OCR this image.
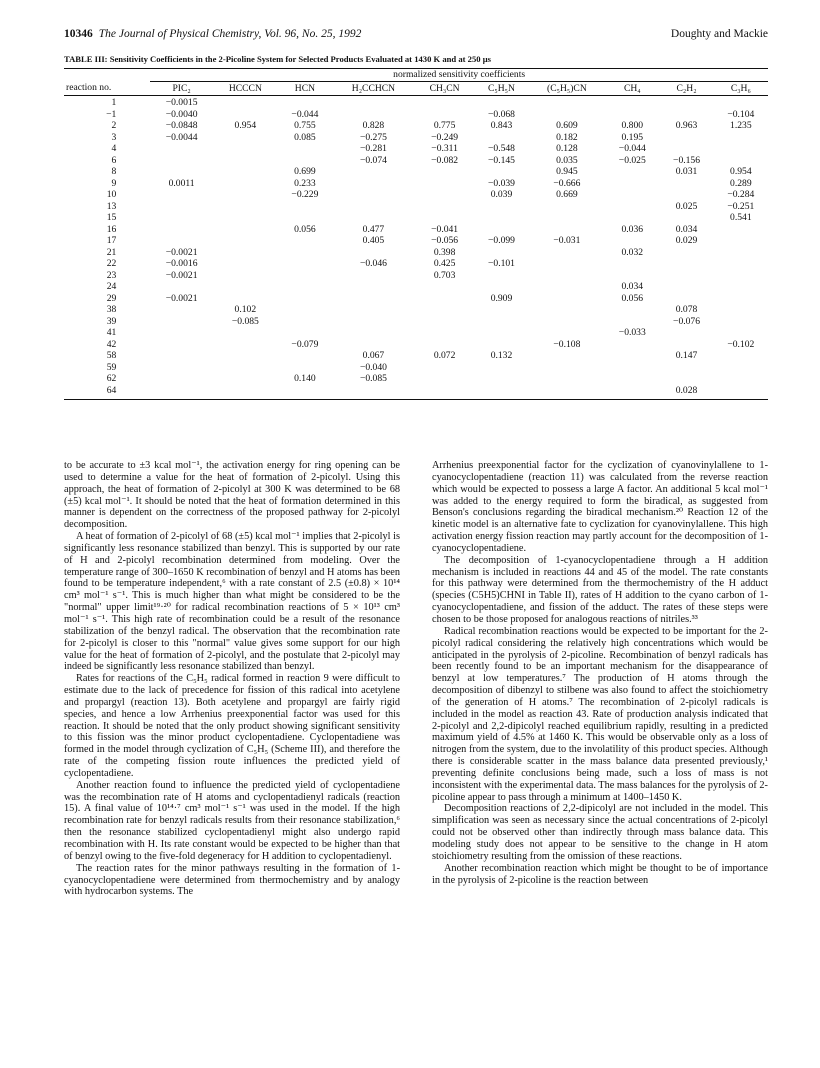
10346 The Journal of Physical Chemistry, Vol. 96, No. 25, 1992	Doughty and Mackie
TABLE III: Sensitivity Coefficients in the 2-Picoline System for Selected Products Evaluated at 1430 K and at 250 μs
	normalized sensitivity coefficients									
reaction no.	PIC₂	HCCCN	HCN	H₂CCHCN	CH₃CN	C₅H₅N	(C₅H₅)CN	CH₄	C₂H₂	C₃H₆
1	−0.0015									
−1	−0.0040		−0.044			−0.068				−0.104
2	−0.0848	0.954	0.755	0.828	0.775	0.843	0.609	0.800	0.963	1.235
3	−0.0044		0.085	−0.275	−0.249		0.182	0.195		
4				−0.281	−0.311	−0.548	0.128	−0.044		
6				−0.074	−0.082	−0.145	0.035	−0.025	−0.156	
8			0.699				0.945		0.031	0.954
9	0.0011		0.233			−0.039	−0.666			0.289
10			−0.229			0.039	0.669			−0.284
13									0.025	−0.251
15										0.541
16			0.056	0.477	−0.041			0.036	0.034	
17				0.405	−0.056	−0.099	−0.031		0.029	
21	−0.0021				0.398			0.032		
22	−0.0016			−0.046	0.425	−0.101				
23	−0.0021				0.703					
24								0.034		
29	−0.0021					0.909		0.056		
38		0.102							0.078	
39		−0.085							−0.076	
41								−0.033		
42			−0.079				−0.108			−0.102
58				0.067	0.072	0.132			0.147	
59				−0.040						
62			0.140	−0.085						
64									0.028	

to be accurate to ±3 kcal mol⁻¹, the activation energy for ring opening can be used to determine a value for the heat of formation of 2-picolyl. Using this approach, the heat of formation of 2-picolyl at 300 K was determined to be 68 (±5) kcal mol⁻¹. It should be noted that the heat of formation determined in this manner is dependent on the correctness of the proposed pathway for 2-picolyl decomposition.

A heat of formation of 2-picolyl of 68 (±5) kcal mol⁻¹ implies that 2-picolyl is significantly less resonance stabilized than benzyl. This is supported by our rate of H and 2-picolyl recombination determined from modeling. Over the temperature range of 300–1650 K recombination of benzyl and H atoms has been found to be temperature independent,⁶ with a rate constant of 2.5 (±0.8) × 10¹⁴ cm³ mol⁻¹ s⁻¹. This is much higher than what might be considered to be the "normal" upper limit¹⁹·²⁰ for radical recombination reactions of 5 × 10¹³ cm³ mol⁻¹ s⁻¹. This high rate of recombination could be a result of the resonance stabilization of the benzyl radical. The observation that the recombination rate for 2-picolyl is closer to this "normal" value gives some support for our high value for the heat of formation of 2-picolyl, and the postulate that 2-picolyl may indeed be significantly less resonance stabilized than benzyl.

Rates for reactions of the C₅H₅ radical formed in reaction 9 were difficult to estimate due to the lack of precedence for fission of this radical into acetylene and propargyl (reaction 13). Both acetylene and propargyl are fairly rigid species, and hence a low Arrhenius preexponential factor was used for this reaction. It should be noted that the only product showing significant sensitivity to this fission was the minor product cyclopentadiene. Cyclopentadiene was formed in the model through cyclization of C₅H₅ (Scheme III), and therefore the rate of the competing fission route influences the predicted yield of cyclopentadiene.

Another reaction found to influence the predicted yield of cyclopentadiene was the recombination rate of H atoms and cyclopentadienyl radicals (reaction 15). A final value of 10¹⁴·⁷ cm³ mol⁻¹ s⁻¹ was used in the model. If the high recombination rate for benzyl radicals results from their resonance stabilization,⁶ then the resonance stabilized cyclopentadienyl might also undergo rapid recombination with H. Its rate constant would be expected to be higher than that of benzyl owing to the five-fold degeneracy for H addition to cyclopentadienyl.

The reaction rates for the minor pathways resulting in the formation of 1-cyanocyclopentadiene were determined from thermochemistry and by analogy with hydrocarbon systems. The

Arrhenius preexponential factor for the cyclization of cyanovinylallene to 1-cyanocyclopentadiene (reaction 11) was calculated from the reverse reaction which would be expected to possess a large A factor. An additional 5 kcal mol⁻¹ was added to the energy required to form the biradical, as suggested from Benson's conclusions regarding the biradical mechanism.²⁰ Reaction 12 of the kinetic model is an alternative fate to cyclization for cyanovinylallene. This high activation energy fission reaction may partly account for the decomposition of 1-cyanocyclopentadiene.

The decomposition of 1-cyanocyclopentadiene through a H addition mechanism is included in reactions 44 and 45 of the model. The rate constants for this pathway were determined from the thermochemistry of the H adduct (species (C5H5)CHNI in Table II), rates of H addition to the cyano carbon of 1-cyanocyclopentadiene, and fission of the adduct. The rates of these steps were chosen to be those proposed for analogous reactions of nitriles.³³

Radical recombination reactions would be expected to be important for the 2-picolyl radical considering the relatively high concentrations which would be anticipated in the pyrolysis of 2-picoline. Recombination of benzyl radicals has been recently found to be an important mechanism for the disappearance of benzyl at low temperatures.⁷ The production of H atoms through the decomposition of dibenzyl to stilbene was also found to affect the stoichiometry of the generation of H atoms.⁷ The recombination of 2-picolyl radicals is included in the model as reaction 43. Rate of production analysis indicated that 2-picolyl and 2,2-dipicolyl reached equilibrium rapidly, resulting in a predicted maximum yield of 4.5% at 1460 K. This would be observable only as a loss of nitrogen from the system, due to the involatility of this product species. Although there is considerable scatter in the mass balance data presented previously,¹ preventing definite conclusions being made, such a loss of mass is not inconsistent with the experimental data. The mass balances for the pyrolysis of 2-picoline appear to pass through a minimum at 1400–1450 K.

Decomposition reactions of 2,2-dipicolyl are not included in the model. This simplification was seen as necessary since the actual concentrations of 2-picolyl could not be observed other than indirectly through mass balance data. This modeling study does not appear to be sensitive to the change in H atom stoichiometry resulting from the omission of these reactions.

Another recombination reaction which might be thought to be of importance in the pyrolysis of 2-picoline is the reaction between
